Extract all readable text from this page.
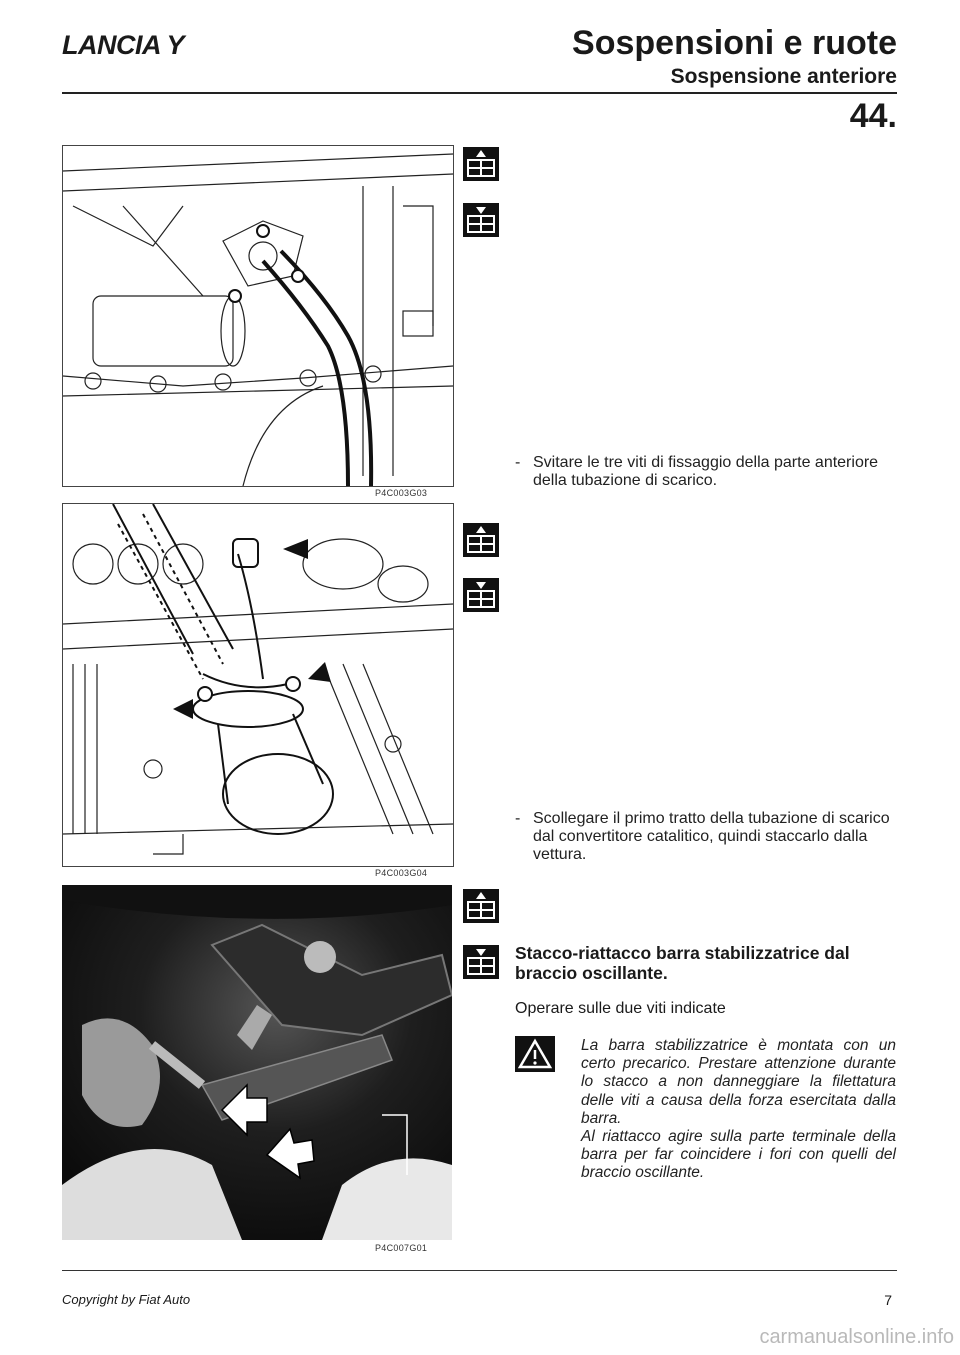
LANCIA Y	Sospensioni e ruote
Sospensione anteriore
44.
P4C003G03
P4C003G04
P4C007G01
- Svitare le tre viti di fissaggio della parte anteriore della tubazione di scarico.
- Scollegare il primo tratto della tubazione di scarico dal convertitore catalitico, quindi staccarlo dalla vettura.
Stacco-riattacco barra stabilizzatrice dal braccio oscillante.
Operare sulle due viti indicate

La barra stabilizzatrice è montata con un certo precarico. Prestare attenzione durante lo stacco a non danneggiare la filettatura delle viti a causa della forza esercitata dalla barra.

Al riattacco agire sulla parte terminale della barra per far coincidere i fori con quelli del braccio oscillante.

Copyright by Fiat Auto	7
carmanualsonline.info
